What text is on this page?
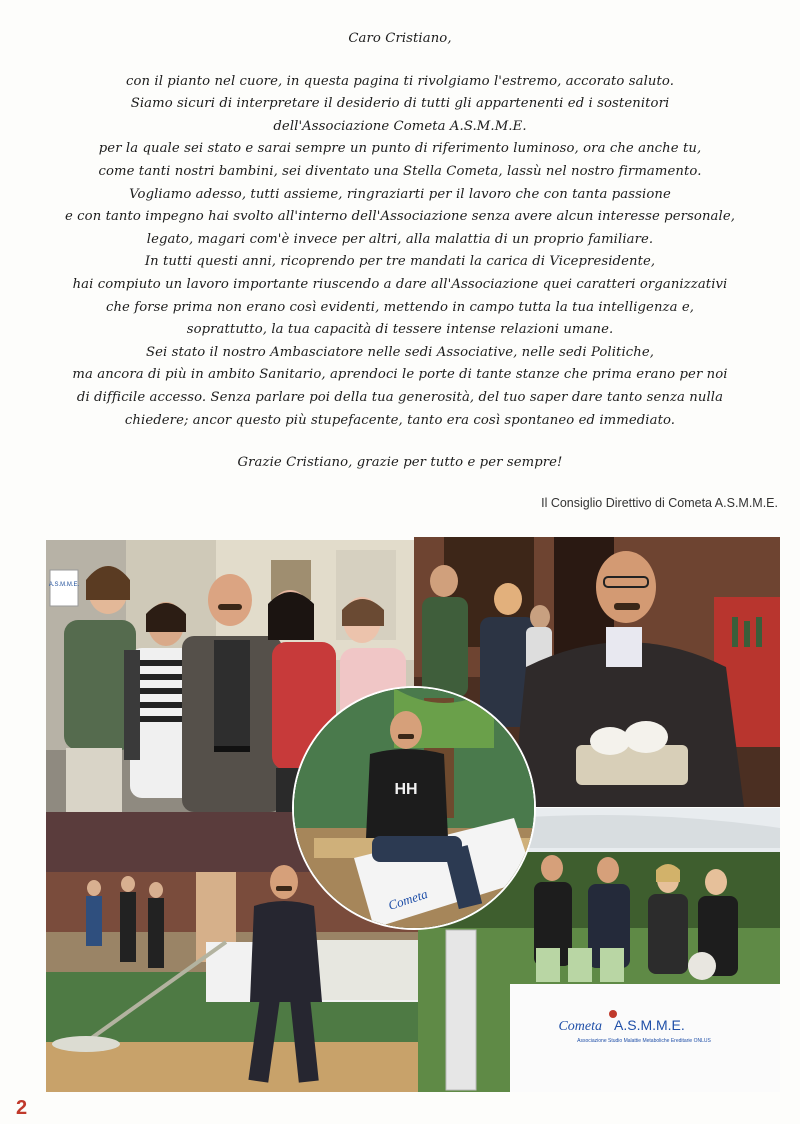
Caro Cristiano,

con il pianto nel cuore, in questa pagina ti rivolgiamo l'estremo, accorato saluto.

Siamo sicuri di interpretare il desiderio di tutti gli appartenenti ed i sostenitori

dell'Associazione Cometa A.S.M.M.E.

per la quale sei stato e sarai sempre un punto di riferimento luminoso, ora che anche tu,

come tanti nostri bambini, sei diventato una Stella Cometa, lassù nel nostro firmamento.

Vogliamo adesso, tutti assieme, ringraziarti per il lavoro che con tanta passione

e con tanto impegno hai svolto all'interno dell'Associazione senza avere alcun interesse personale,

legato, magari com'è invece per altri, alla malattia di un proprio familiare.

In tutti questi anni, ricoprendo per tre mandati la carica di Vicepresidente,

hai compiuto un lavoro importante riuscendo a dare all'Associazione quei caratteri organizzativi

che forse prima non erano così evidenti, mettendo in campo tutta la tua intelligenza e,

soprattutto, la tua capacità di tessere intense relazioni umane.

Sei stato il nostro Ambasciatore nelle sedi Associative, nelle sedi Politiche,

ma ancora di più in ambito Sanitario, aprendoci le porte di tante stanze che prima erano per noi

di difficile accesso. Senza parlare poi della tua generosità, del tuo saper dare tanto senza nulla

chiedere; ancor questo più stupefacente, tanto era così spontaneo ed immediato.

Grazie Cristiano, grazie per tutto e per sempre!

Il Consiglio Direttivo di Cometa A.S.M.M.E.
A.S.M.M.E.
Cometa A.S.M.M.E.
Associazione Studio Malattie Metaboliche Ereditarie ONLUS
Cometa
HH
2
